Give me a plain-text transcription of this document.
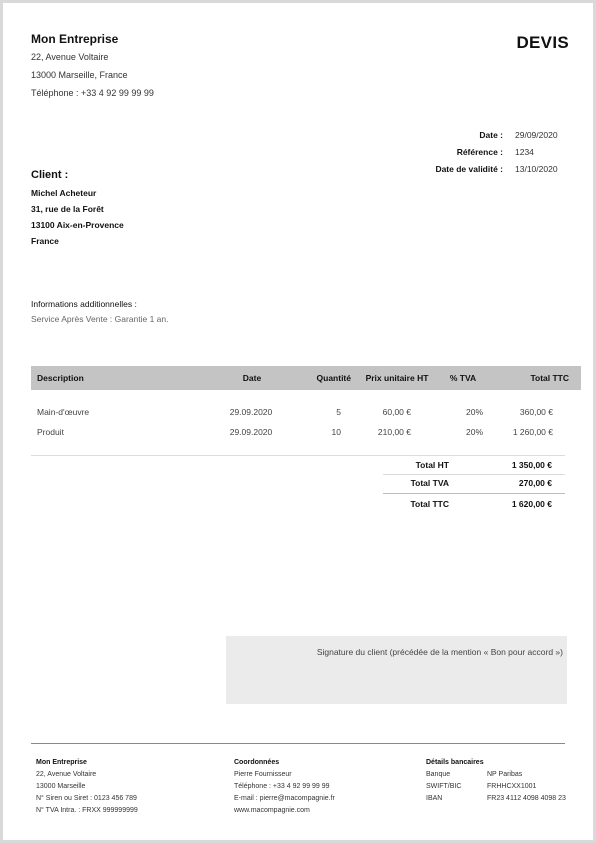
Mon Entreprise
22, Avenue Voltaire
13000 Marseille, France
Téléphone : +33 4 92 99 99 99
DEVIS
Date : 29/09/2020
Référence : 1234
Date de validité : 13/10/2020
Client :
Michel Acheteur
31, rue de la Forêt
13100 Aix-en-Provence
France
Informations additionnelles :
Service Après Vente : Garantie 1 an.
Description	Date	Quantité	Prix unitaire HT	% TVA	Total TTC
Main-d'œuvre	29.09.2020	5	60,00 €	20%	360,00 €
Produit	29.09.2020	10	210,00 €	20%	1 260,00 €
Total HT	1 350,00 €
Total TVA	270,00 €
Total TTC	1 620,00 €
Signature du client (précédée de la mention « Bon pour accord »)
Mon Entreprise
22, Avenue Voltaire
13000 Marseille
N° Siren ou Siret : 0123 456 789
N° TVA Intra. : FRXX 999999999
Coordonnées
Pierre Fournisseur
Téléphone : +33 4 92 99 99 99
E-mail : pierre@macompagnie.fr
www.macompagnie.com
Détails bancaires
Banque	NP Paribas
SWIFT/BIC	FRHHCXX1001
IBAN	FR23 4112 4098 4098 23
